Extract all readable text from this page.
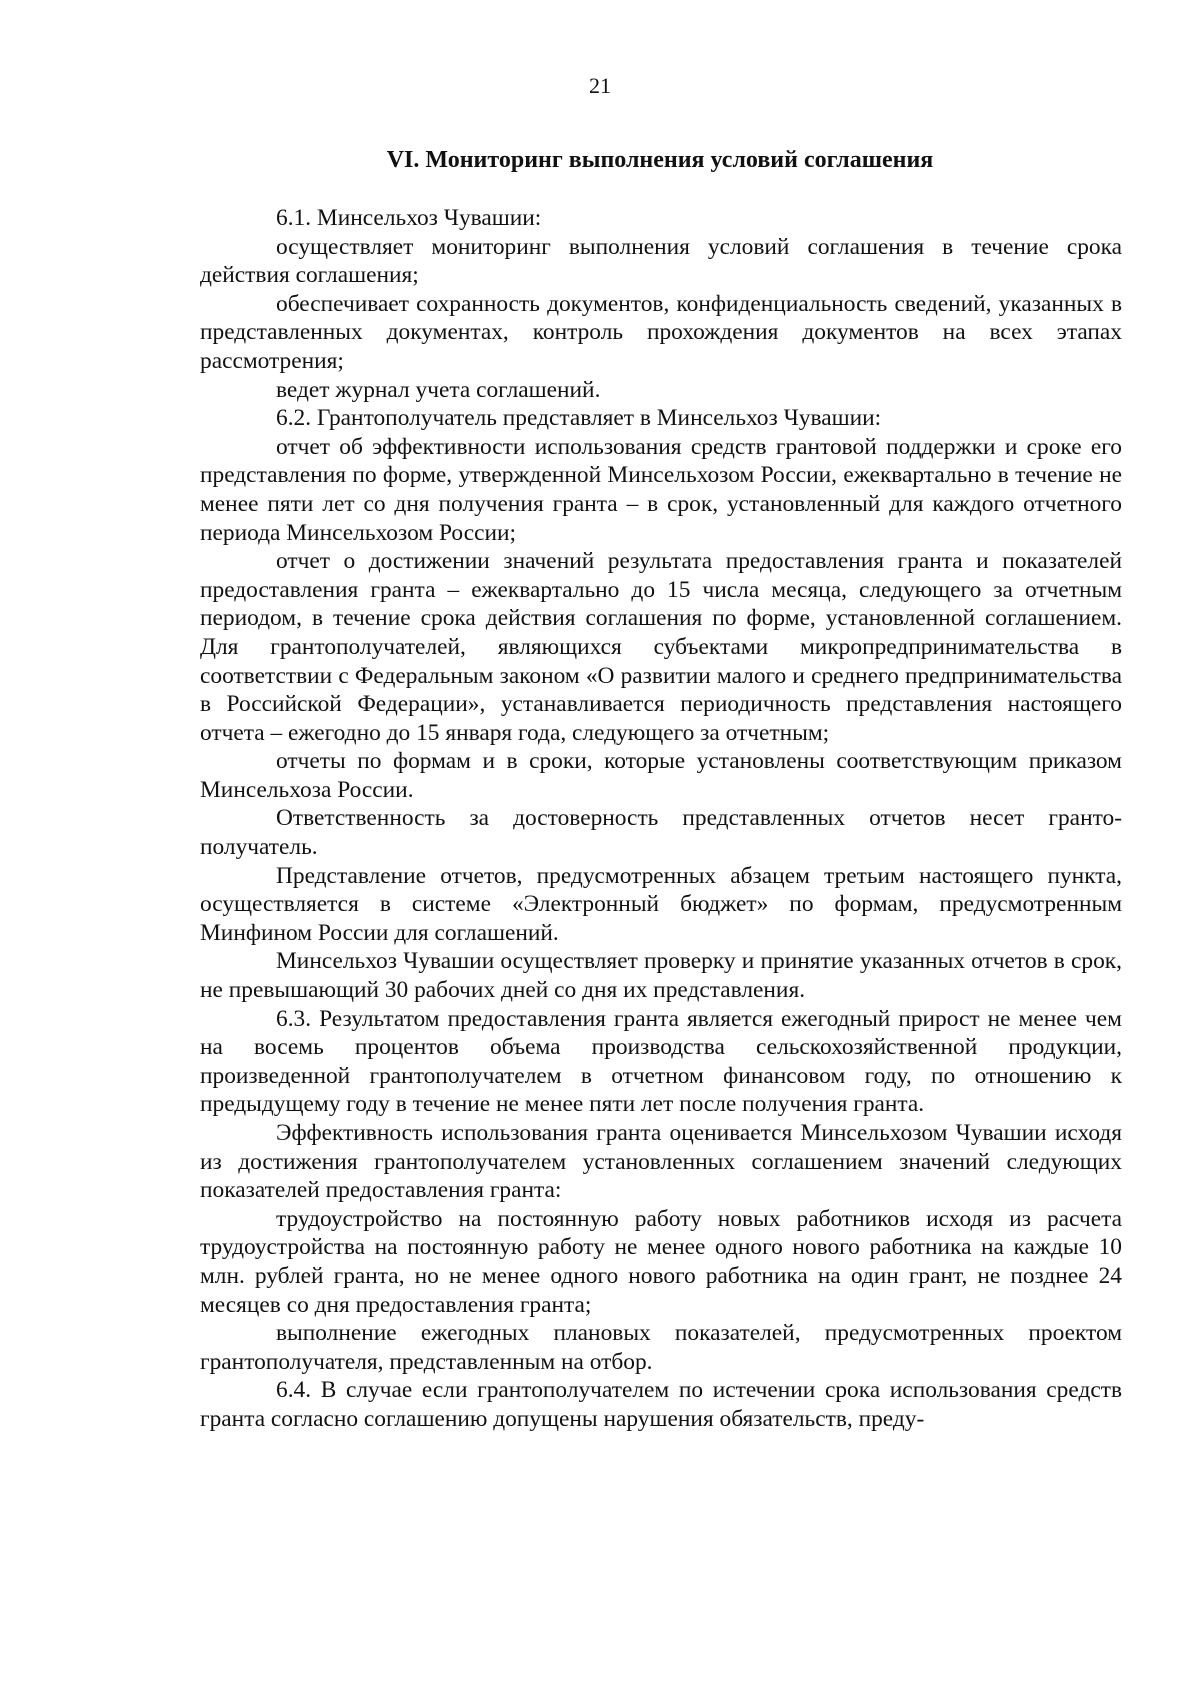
21
VI. Мониторинг выполнения условий соглашения

6.1. Минсельхоз Чувашии:

осуществляет мониторинг выполнения условий соглашения в течение срока действия соглашения;

обеспечивает сохранность документов, конфиденциальность сведений, указанных в представленных документах, контроль прохождения документов на всех этапах рассмотрения;

ведет журнал учета соглашений.

6.2. Грантополучатель представляет в Минсельхоз Чувашии:

отчет об эффективности использования средств грантовой поддержки и сроке его представления по форме, утвержденной Минсельхозом России, ежеквартально в течение не менее пяти лет со дня получения гранта – в срок, установленный для каждого отчетного периода Минсельхозом России;

отчет о достижении значений результата предоставления гранта и показателей предоставления гранта – ежеквартально до 15 числа месяца, следующего за отчетным периодом, в течение срока действия соглашения по форме, установленной соглашением. Для грантополучателей, являющихся субъектами микропредпринимательства в соответствии с Федеральным законом «О развитии малого и среднего предпринимательства в Российской Федерации», устанавливается периодичность представления настоящего отчета – ежегодно до 15 января года, следующего за отчетным;

отчеты по формам и в сроки, которые установлены соответствующим приказом Минсельхоза России.

Ответственность за достоверность представленных отчетов несет грантополучатель.

Представление отчетов, предусмотренных абзацем третьим настоящего пункта, осуществляется в системе «Электронный бюджет» по формам, предусмотренным Минфином России для соглашений.

Минсельхоз Чувашии осуществляет проверку и принятие указанных отчетов в срок, не превышающий 30 рабочих дней со дня их представления.

6.3. Результатом предоставления гранта является ежегодный прирост не менее чем на восемь процентов объема производства сельскохозяйственной продукции, произведенной грантополучателем в отчетном финансовом году, по отношению к предыдущему году в течение не менее пяти лет после получения гранта.

Эффективность использования гранта оценивается Минсельхозом Чувашии исходя из достижения грантополучателем установленных соглашением значений следующих показателей предоставления гранта:

трудоустройство на постоянную работу новых работников исходя из расчета трудоустройства на постоянную работу не менее одного нового работника на каждые 10 млн. рублей гранта, но не менее одного нового работника на один грант, не позднее 24 месяцев со дня предоставления гранта;

выполнение ежегодных плановых показателей, предусмотренных проектом грантополучателя, представленным на отбор.

6.4. В случае если грантополучателем по истечении срока использования средств гранта согласно соглашению допущены нарушения обязательств, преду-
